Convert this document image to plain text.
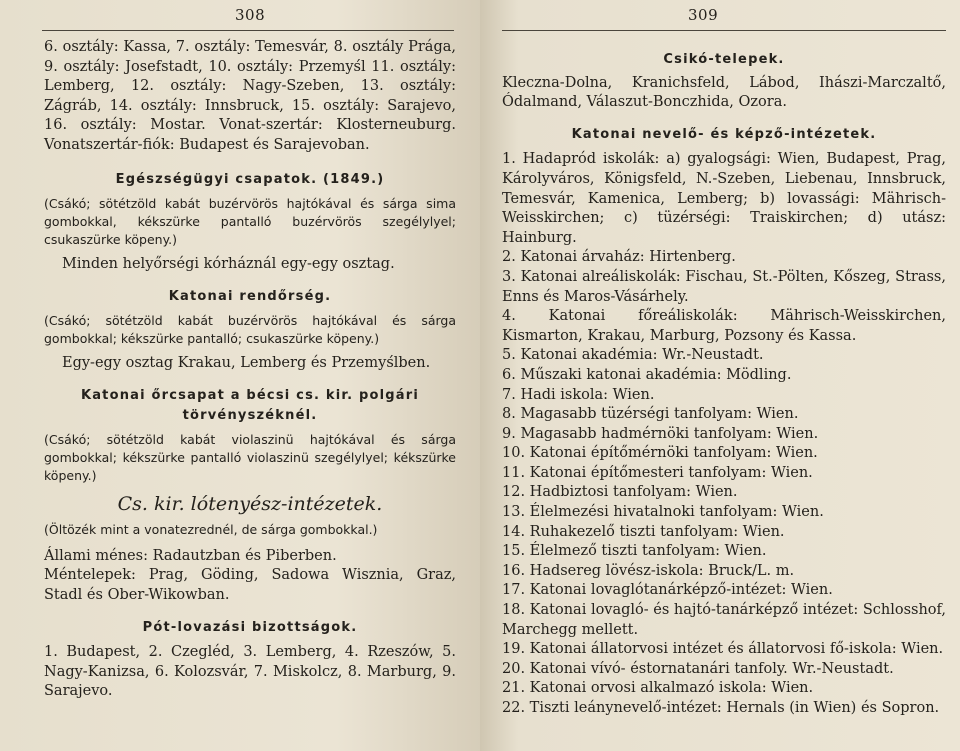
308

6. osztály: Kassa, 7. osztály: Temesvár, 8. osztály Prága, 9. osztály: Josefstadt, 10. osztály: Przemyśl 11. osztály: Lemberg, 12. osztály: Nagy-Szeben, 13. osztály: Zágráb, 14. osztály: Innsbruck, 15. osztály: Sarajevo, 16. osztály: Mostar. Vonat-szertár: Klosterneuburg. Vonatszertár-fiók: Budapest és Sarajevoban.

Egészségügyi csapatok. (1849.)

(Csákó; sötétzöld kabát buzérvörös hajtókával és sárga sima gombokkal, kékszürke pantalló buzérvörös szegélylyel; csukaszürke köpeny.)

Minden helyőrségi kórháznál egy-egy osztag.

Katonai rendőrség.

(Csákó; sötétzöld kabát buzérvörös hajtókával és sárga gombokkal; kékszürke pantalló; csukaszürke köpeny.)

Egy-egy osztag Krakau, Lemberg és Przemyślben.

Katonai őrcsapat a bécsi cs. kir. polgári törvényszéknél.

(Csákó; sötétzöld kabát violaszinü hajtókával és sárga gombokkal; kékszürke pantalló violaszinü szegélylyel; kékszürke köpeny.)

Cs. kir. lótenyész-intézetek.

(Öltözék mint a vonatezrednél, de sárga gombokkal.)

Állami ménes: Radautzban és Piberben.

Méntelepek: Prag, Göding, Sadowa Wisznia, Graz, Stadl és Ober-Wikowban.

Pót-lovazási bizottságok.

1. Budapest, 2. Czegléd, 3. Lemberg, 4. Rzeszów, 5. Nagy-Kanizsa, 6. Kolozsvár, 7. Miskolcz, 8. Marburg, 9. Sarajevo.

309

Csikó-telepek.

Kleczna-Dolna, Kranichsfeld, Lábod, Ihászi-Marczaltő, Ódalmand, Válaszut-Bonczhida, Ozora.

Katonai nevelő- és képző-intézetek.

1. Hadapród iskolák: a) gyalogsági: Wien, Budapest, Prag, Károlyváros, Königsfeld, N.-Szeben, Liebenau, Innsbruck, Temesvár, Kamenica, Lemberg; b) lovassági: Mährisch-Weisskirchen; c) tüzérségi: Traiskirchen; d) utász: Hainburg.

2. Katonai árvaház: Hirtenberg.

3. Katonai alreáliskolák: Fischau, St.-Pölten, Kőszeg, Strass, Enns és Maros-Vásárhely.

4. Katonai főreáliskolák: Mährisch-Weisskirchen, Kismarton, Krakau, Marburg, Pozsony és Kassa.

5. Katonai akadémia: Wr.-Neustadt.

6. Műszaki katonai akadémia: Mödling.

7. Hadi iskola: Wien.

8. Magasabb tüzérségi tanfolyam: Wien.

9. Magasabb hadmérnöki tanfolyam: Wien.

10. Katonai építőmérnöki tanfolyam: Wien.

11. Katonai építőmesteri tanfolyam: Wien.

12. Hadbiztosi tanfolyam: Wien.

13. Élelmezési hivatalnoki tanfolyam: Wien.

14. Ruhakezelő tiszti tanfolyam: Wien.

15. Élelmező tiszti tanfolyam: Wien.

16. Hadsereg lövész-iskola: Bruck/L. m.

17. Katonai lovaglótanárképző-intézet: Wien.

18. Katonai lovagló- és hajtó-tanárképző intézet: Schlosshof, Marchegg mellett.

19. Katonai állatorvosi intézet és állatorvosi fő-iskola: Wien.

20. Katonai vívó- éstornatanári tanfoly. Wr.-Neustadt.

21. Katonai orvosi alkalmazó iskola: Wien.

22. Tiszti leánynevelő-intézet: Hernals (in Wien) és Sopron.
